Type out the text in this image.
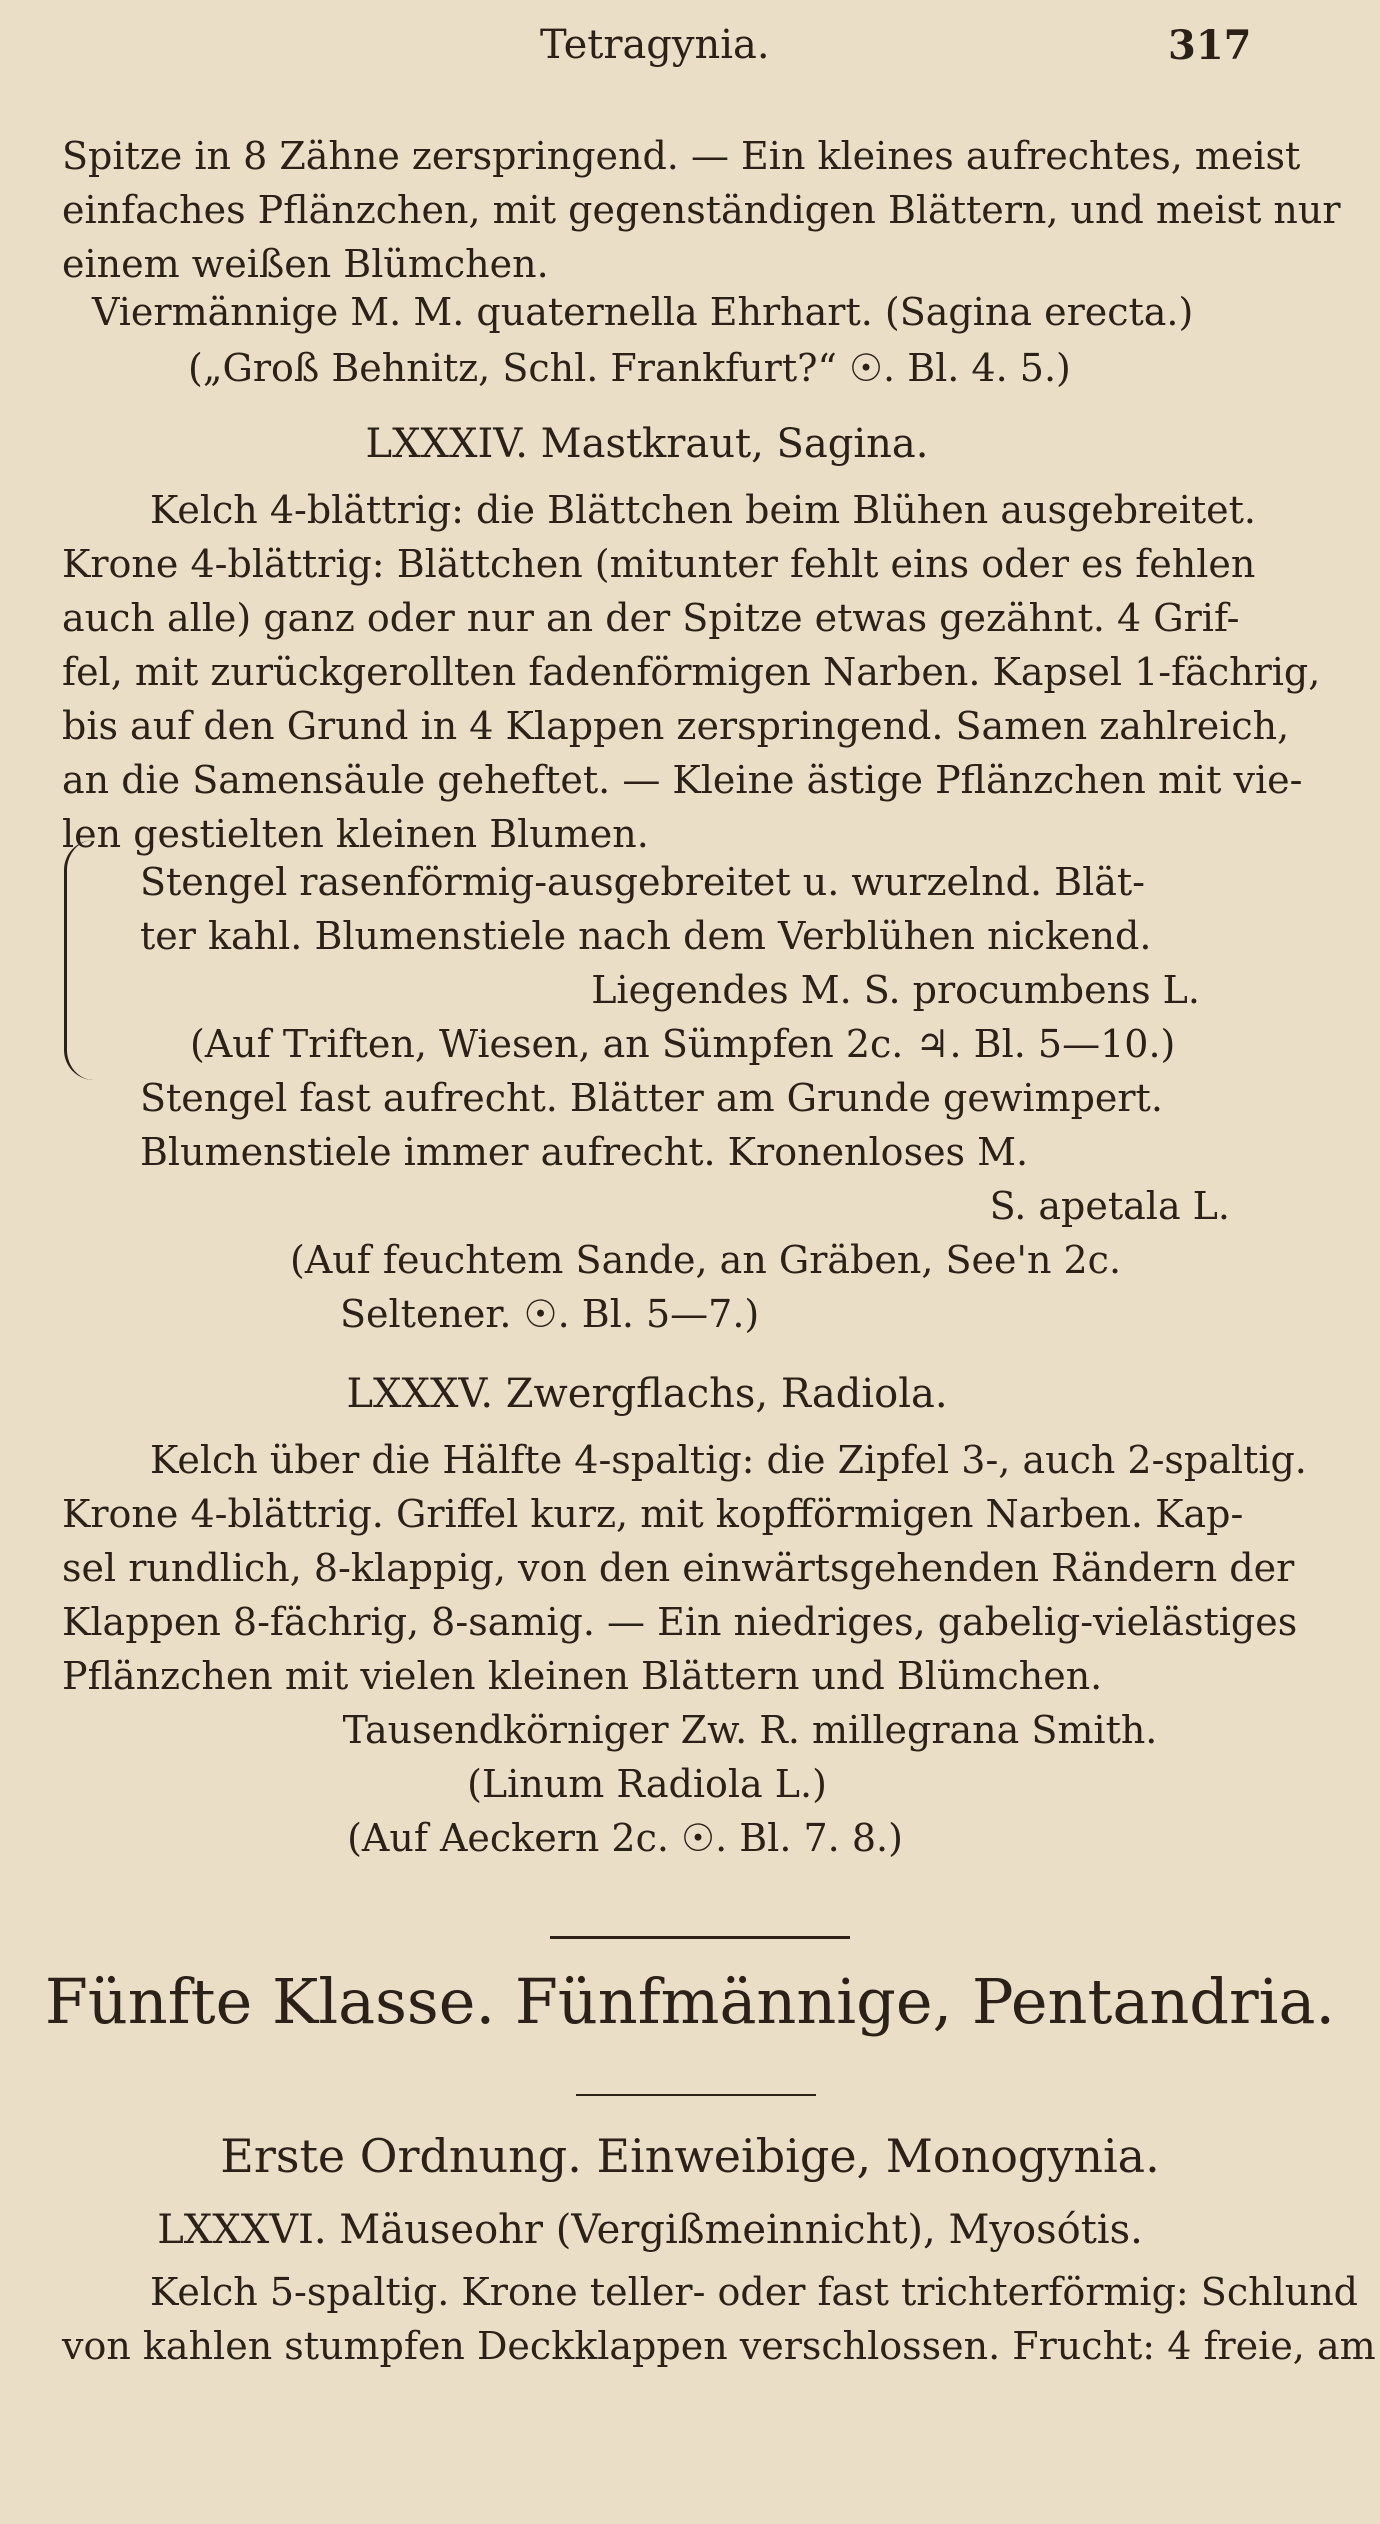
Tetragynia.	317
Spitze in 8 Zähne zerspringend. — Ein kleines aufrechtes, meist
einfaches Pflänzchen, mit gegenständigen Blättern, und meist nur
einem weißen Blümchen.
Viermännige M. M. quaternella Ehrhart. (Sagina erecta.)
(„Groß Behnitz, Schl. Frankfurt?“ ☉. Bl. 4. 5.)
LXXXIV. Mastkraut, Sagina.
Kelch 4-blättrig: die Blättchen beim Blühen ausgebreitet.
Krone 4-blättrig: Blättchen (mitunter fehlt eins oder es fehlen
auch alle) ganz oder nur an der Spitze etwas gezähnt. 4 Grif-
fel, mit zurückgerollten fadenförmigen Narben. Kapsel 1-fächrig,
bis auf den Grund in 4 Klappen zerspringend. Samen zahlreich,
an die Samensäule geheftet. — Kleine ästige Pflänzchen mit vie-
len gestielten kleinen Blumen.
Stengel rasenförmig-ausgebreitet u. wurzelnd. Blät-
ter kahl. Blumenstiele nach dem Verblühen nickend.
Liegendes M. S. procumbens L.
(Auf Triften, Wiesen, an Sümpfen 2c. ♃. Bl. 5—10.)
Stengel fast aufrecht. Blätter am Grunde gewimpert.
Blumenstiele immer aufrecht. Kronenloses M.
S. apetala L.
(Auf feuchtem Sande, an Gräben, See'n 2c.
Seltener. ☉. Bl. 5—7.)
LXXXV. Zwergflachs, Radiola.
Kelch über die Hälfte 4-spaltig: die Zipfel 3-, auch 2-spaltig.
Krone 4-blättrig. Griffel kurz, mit kopfförmigen Narben. Kap-
sel rundlich, 8-klappig, von den einwärtsgehenden Rändern der
Klappen 8-fächrig, 8-samig. — Ein niedriges, gabelig-vielästiges
Pflänzchen mit vielen kleinen Blättern und Blümchen.
Tausendkörniger Zw. R. millegrana Smith.
(Linum Radiola L.)
(Auf Aeckern 2c. ☉. Bl. 7. 8.)
Fünfte Klasse. Fünfmännige, Pentandria.
Erste Ordnung. Einweibige, Monogynia.
LXXXVI. Mäuseohr (Vergißmeinnicht), Myosótis.
Kelch 5-spaltig. Krone teller- oder fast trichterförmig: Schlund
von kahlen stumpfen Deckklappen verschlossen. Frucht: 4 freie, am
